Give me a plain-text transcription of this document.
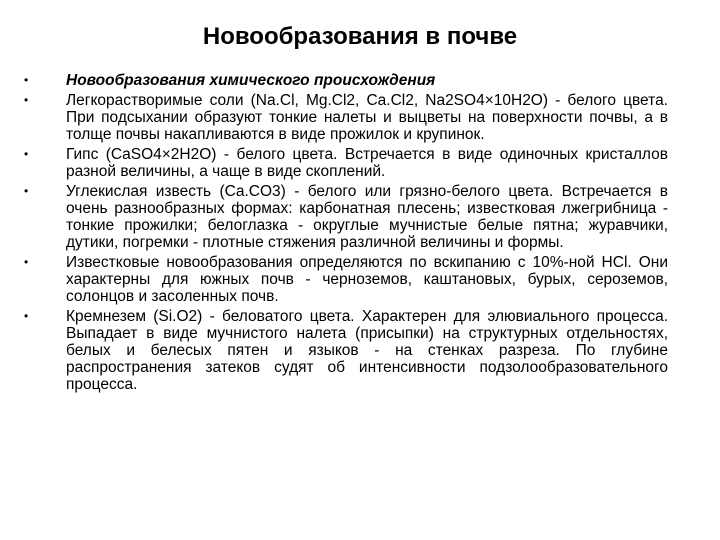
Новообразования в почве
•	Новообразования химического происхождения
•	Легкорастворимые соли (Na.Cl, Mg.Cl2, Ca.Cl2, Na2SO4×10H2O) - белого цвета. При подсыхании образуют тонкие налеты и выцветы на поверхности почвы, а в толще почвы накапливаются в виде прожилок и крупинок.
•	Гипс (CaSO4×2H2O) - белого цвета. Встречается в виде одиночных кристаллов разной величины, а чаще в виде скоплений.
•	Углекислая известь (Ca.CO3) - белого или грязно-белого цвета. Встречается в очень разнообразных формах: карбонатная плесень; известковая лжегрибница - тонкие прожилки; белоглазка - округлые мучнистые белые пятна; журавчики, дутики, погремки - плотные стяжения различной величины и формы.
•	Известковые новообразования определяются по вскипанию с 10%-ной HCl. Они характерны для южных почв - черноземов, каштановых, бурых, сероземов, солонцов и засоленных почв.
•	Кремнезем (Si.O2) - беловатого цвета. Характерен для элювиального процесса. Выпадает в виде мучнистого налета (присыпки) на структурных отдельностях, белых и белесых пятен и языков - на стенках разреза. По глубине распространения затеков судят об интенсивности подзолообразовательного процесса.
